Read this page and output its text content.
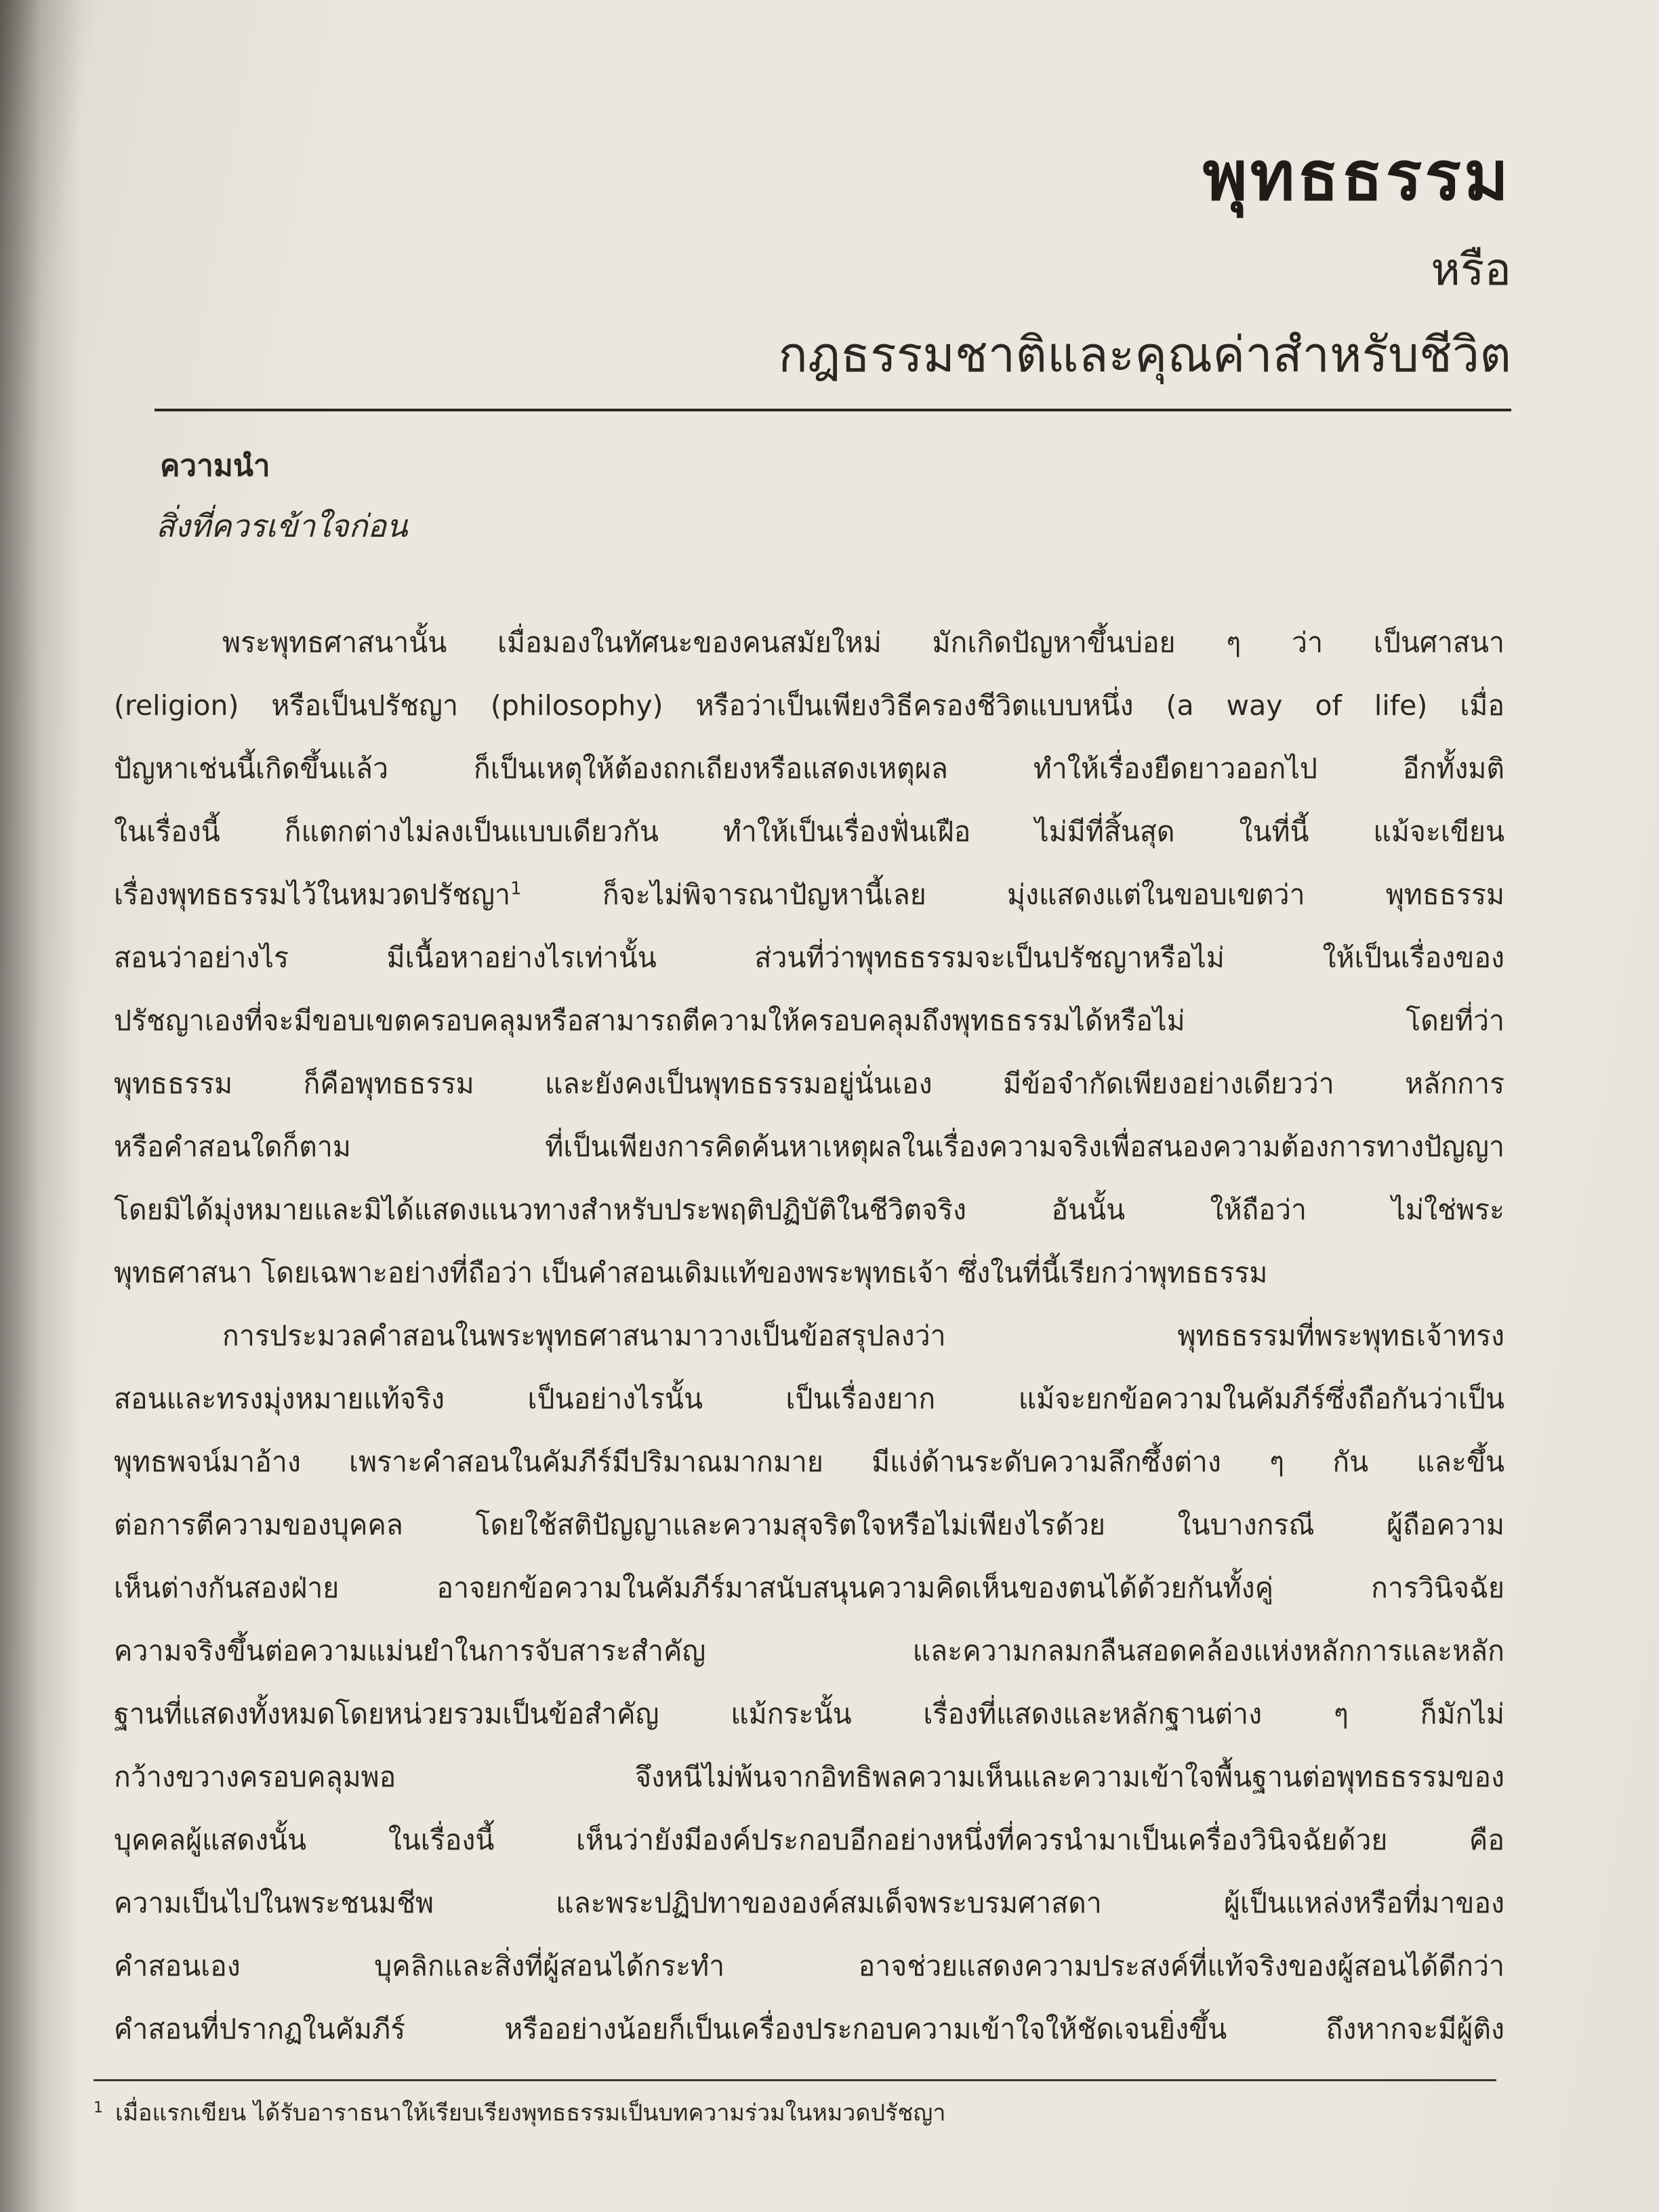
พุทธธรรม
หรือ
กฎธรรมชาติและคุณค่าสำหรับชีวิต
ความนำ
สิ่งที่ควรเข้าใจก่อน
พระพุทธศาสนานั้น เมื่อมองในทัศนะของคนสมัยใหม่ มักเกิดปัญหาขึ้นบ่อย ๆ ว่า เป็นศาสนา
(religion) หรือเป็นปรัชญา (philosophy) หรือว่าเป็นเพียงวิธีครองชีวิตแบบหนึ่ง (a way of life) เมื่อ
ปัญหาเช่นนี้เกิดขึ้นแล้ว ก็เป็นเหตุให้ต้องถกเถียงหรือแสดงเหตุผล ทำให้เรื่องยืดยาวออกไป อีกทั้งมติ
ในเรื่องนี้ ก็แตกต่างไม่ลงเป็นแบบเดียวกัน ทำให้เป็นเรื่องฟั่นเฝือ ไม่มีที่สิ้นสุด ในที่นี้ แม้จะเขียน
เรื่องพุทธธรรมไว้ในหมวดปรัชญา$^1$	ก็จะไม่พิจารณาปัญหานี้เลย มุ่งแสดงแต่ในขอบเขตว่า พุทธธรรม
สอนว่าอย่างไร มีเนื้อหาอย่างไรเท่านั้น ส่วนที่ว่าพุทธธรรมจะเป็นปรัชญาหรือไม่ ให้เป็นเรื่องของ
ปรัชญาเองที่จะมีขอบเขตครอบคลุมหรือสามารถตีความให้ครอบคลุมถึงพุทธธรรมได้หรือไม่ โดยที่ว่า
พุทธธรรม ก็คือพุทธธรรม และยังคงเป็นพุทธธรรมอยู่นั่นเอง มีข้อจำกัดเพียงอย่างเดียวว่า หลักการ
หรือคำสอนใดก็ตาม ที่เป็นเพียงการคิดค้นหาเหตุผลในเรื่องความจริงเพื่อสนองความต้องการทางปัญญา
โดยมิได้มุ่งหมายและมิได้แสดงแนวทางสำหรับประพฤติปฏิบัติในชีวิตจริง อันนั้น ให้ถือว่า ไม่ใช่พระ
พุทธศาสนา โดยเฉพาะอย่างที่ถือว่า เป็นคำสอนเดิมแท้ของพระพุทธเจ้า ซึ่งในที่นี้เรียกว่าพุทธธรรม
การประมวลคำสอนในพระพุทธศาสนามาวางเป็นข้อสรุปลงว่า พุทธธรรมที่พระพุทธเจ้าทรง
สอนและทรงมุ่งหมายแท้จริง เป็นอย่างไรนั้น เป็นเรื่องยาก แม้จะยกข้อความในคัมภีร์ซึ่งถือกันว่าเป็น
พุทธพจน์มาอ้าง เพราะคำสอนในคัมภีร์มีปริมาณมากมาย มีแง่ด้านระดับความลึกซึ้งต่าง ๆ กัน และขึ้น
ต่อการตีความของบุคคล โดยใช้สติปัญญาและความสุจริตใจหรือไม่เพียงไรด้วย ในบางกรณี ผู้ถือความ
เห็นต่างกันสองฝ่าย อาจยกข้อความในคัมภีร์มาสนับสนุนความคิดเห็นของตนได้ด้วยกันทั้งคู่ การวินิจฉัย
ความจริงขึ้นต่อความแม่นยำในการจับสาระสำคัญ และความกลมกลืนสอดคล้องแห่งหลักการและหลัก
ฐานที่แสดงทั้งหมดโดยหน่วยรวมเป็นข้อสำคัญ แม้กระนั้น เรื่องที่แสดงและหลักฐานต่าง ๆ ก็มักไม่
กว้างขวางครอบคลุมพอ จึงหนีไม่พ้นจากอิทธิพลความเห็นและความเข้าใจพื้นฐานต่อพุทธธรรมของ
บุคคลผู้แสดงนั้น ในเรื่องนี้ เห็นว่ายังมีองค์ประกอบอีกอย่างหนึ่งที่ควรนำมาเป็นเครื่องวินิจฉัยด้วย คือ
ความเป็นไปในพระชนมชีพ และพระปฏิปทาขององค์สมเด็จพระบรมศาสดา ผู้เป็นแหล่งหรือที่มาของ
คำสอนเอง บุคลิกและสิ่งที่ผู้สอนได้กระทำ อาจช่วยแสดงความประสงค์ที่แท้จริงของผู้สอนได้ดีกว่า
คำสอนที่ปรากฏในคัมภีร์ หรืออย่างน้อยก็เป็นเครื่องประกอบความเข้าใจให้ชัดเจนยิ่งขึ้น ถึงหากจะมีผู้ติง
$^1$ เมื่อแรกเขียน ได้รับอาราธนาให้เรียบเรียงพุทธธรรมเป็นบทความร่วมในหมวดปรัชญา
